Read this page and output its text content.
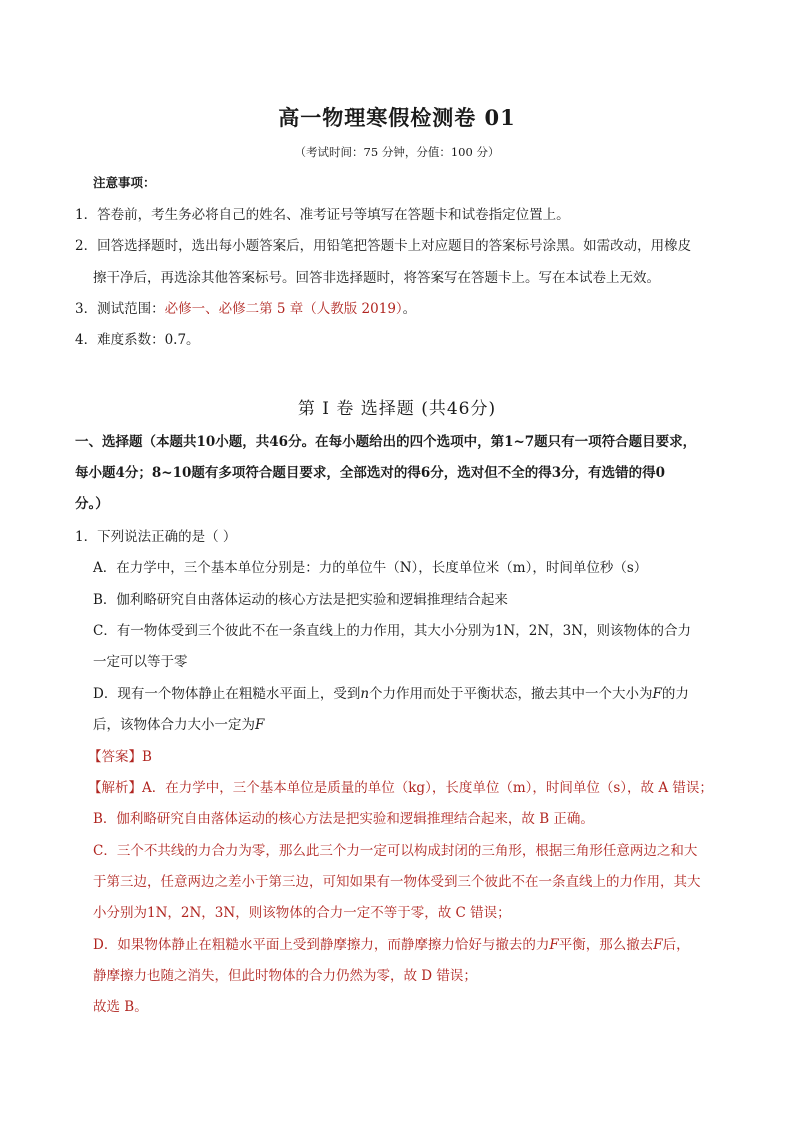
高一物理寒假检测卷 01
（考试时间：75 分钟，分值：100 分）
注意事项：
1．答卷前，考生务必将自己的姓名、准考证号等填写在答题卡和试卷指定位置上。
2．回答选择题时，选出每小题答案后，用铅笔把答题卡上对应题目的答案标号涂黑。如需改动，用橡皮
擦干净后，再选涂其他答案标号。回答非选择题时，将答案写在答题卡上。写在本试卷上无效。
3．测试范围：必修一、必修二第 5 章（人教版 2019）。
4．难度系数：0.7。
第 I 卷 选择题 (共46分)
一、选择题（本题共10小题，共46分。在每小题给出的四个选项中，第1~7题只有一项符合题目要求，
每小题4分；8~10题有多项符合题目要求，全部选对的得6分，选对但不全的得3分，有选错的得0
分。）
1．下列说法正确的是（ ）
A．在力学中，三个基本单位分别是：力的单位牛（N），长度单位米（m），时间单位秒（s）
B．伽利略研究自由落体运动的核心方法是把实验和逻辑推理结合起来
C．有一物体受到三个彼此不在一条直线上的力作用，其大小分别为1N，2N，3N，则该物体的合力
一定可以等于零
D．现有一个物体静止在粗糙水平面上，受到n个力作用而处于平衡状态，撤去其中一个大小为F的力
后，该物体合力大小一定为F
【答案】B
【解析】A．在力学中，三个基本单位是质量的单位（kg），长度单位（m），时间单位（s），故 A 错误；
B．伽利略研究自由落体运动的核心方法是把实验和逻辑推理结合起来，故 B 正确。
C．三个不共线的力合力为零，那么此三个力一定可以构成封闭的三角形，根据三角形任意两边之和大
于第三边，任意两边之差小于第三边，可知如果有一物体受到三个彼此不在一条直线上的力作用，其大
小分别为1N，2N，3N，则该物体的合力一定不等于零，故 C 错误；
D．如果物体静止在粗糙水平面上受到静摩擦力，而静摩擦力恰好与撤去的力F平衡，那么撤去F后，
静摩擦力也随之消失，但此时物体的合力仍然为零，故 D 错误；
故选 B。
